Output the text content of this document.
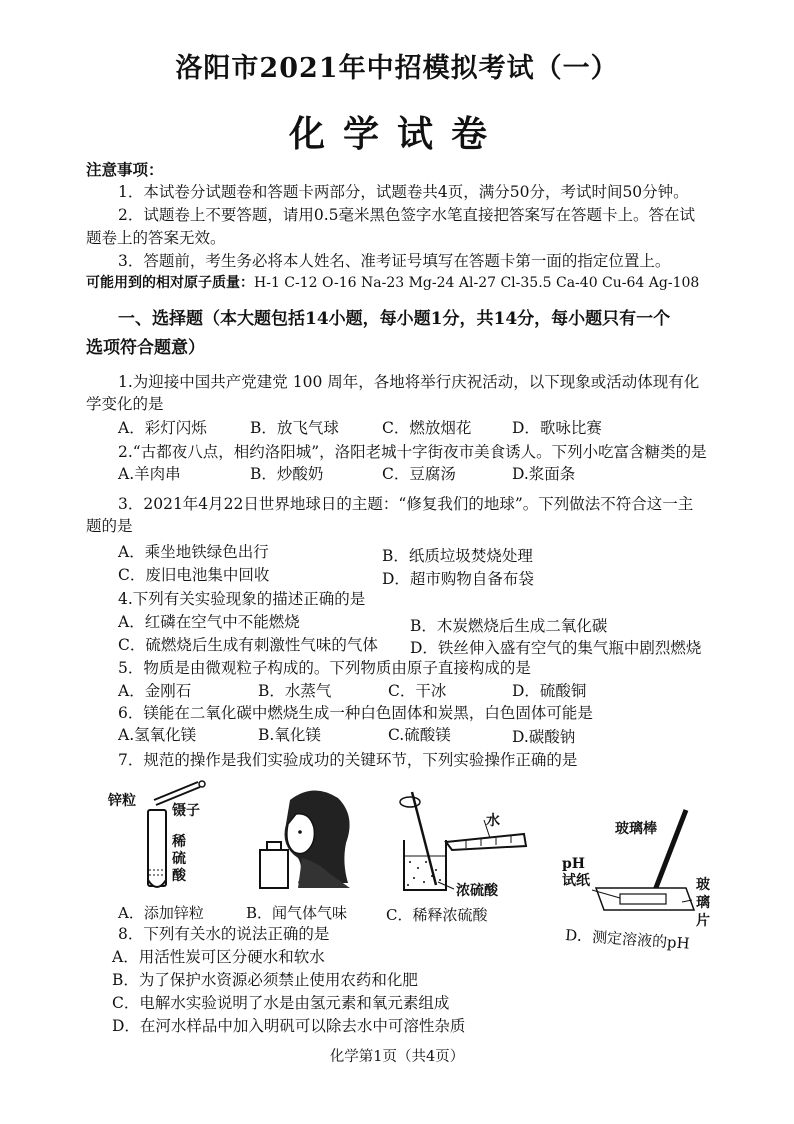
洛阳市2021年中招模拟考试（一）
化学试卷
注意事项：
1．本试卷分试题卷和答题卡两部分，试题卷共4页，满分50分，考试时间50分钟。
2．试题卷上不要答题，请用0.5毫米黑色签字水笔直接把答案写在答题卡上。答在试
题卷上的答案无效。
3．答题前，考生务必将本人姓名、准考证号填写在答题卡第一面的指定位置上。
可能用到的相对原子质量：H-1 C-12 O-16 Na-23 Mg-24 Al-27 Cl-35.5 Ca-40 Cu-64 Ag-108
一、选择题（本大题包括14小题，每小题1分，共14分，每小题只有一个
选项符合题意）
1.为迎接中国共产党建党 100 周年，各地将举行庆祝活动，以下现象或活动体现有化
学变化的是
A．彩灯闪烁	B．放飞气球	C．燃放烟花	D．歌咏比赛
2.“古都夜八点，相约洛阳城”，洛阳老城十字街夜市美食诱人。下列小吃富含糖类的是
A.羊肉串	B．炒酸奶	C．豆腐汤	D.浆面条
3．2021年4月22日世界地球日的主题：“修复我们的地球”。下列做法不符合这一主
题的是
A．乘坐地铁绿色出行	B．纸质垃圾焚烧处理
C．废旧电池集中回收	D．超市购物自备布袋
4.下列有关实验现象的描述正确的是
A．红磷在空气中不能燃烧	B．木炭燃烧后生成二氧化碳
C．硫燃烧后生成有刺激性气味的气体 D．铁丝伸入盛有空气的集气瓶中剧烈燃烧
5．物质是由微观粒子构成的。下列物质由原子直接构成的是
A．金刚石	B．水蒸气	C．干冰	D．硫酸铜
6．镁能在二氧化碳中燃烧生成一种白色固体和炭黑，白色固体可能是
A.氢氧化镁	B.氧化镁	C.硫酸镁	D.碳酸钠
7．规范的操作是我们实验成功的关键环节，下列实验操作正确的是
锌粒
镊子
稀
硫
酸
水
浓硫酸
玻璃棒
pH
试纸	玻
璃
片
A．添加锌粒	B．闻气体气味	C．稀释浓硫酸
D．测定溶液的pH
8．下列有关水的说法正确的是
A．用活性炭可区分硬水和软水
B．为了保护水资源必须禁止使用农药和化肥
C．电解水实验说明了水是由氢元素和氧元素组成
D．在河水样品中加入明矾可以除去水中可溶性杂质
化学第1页（共4页）
